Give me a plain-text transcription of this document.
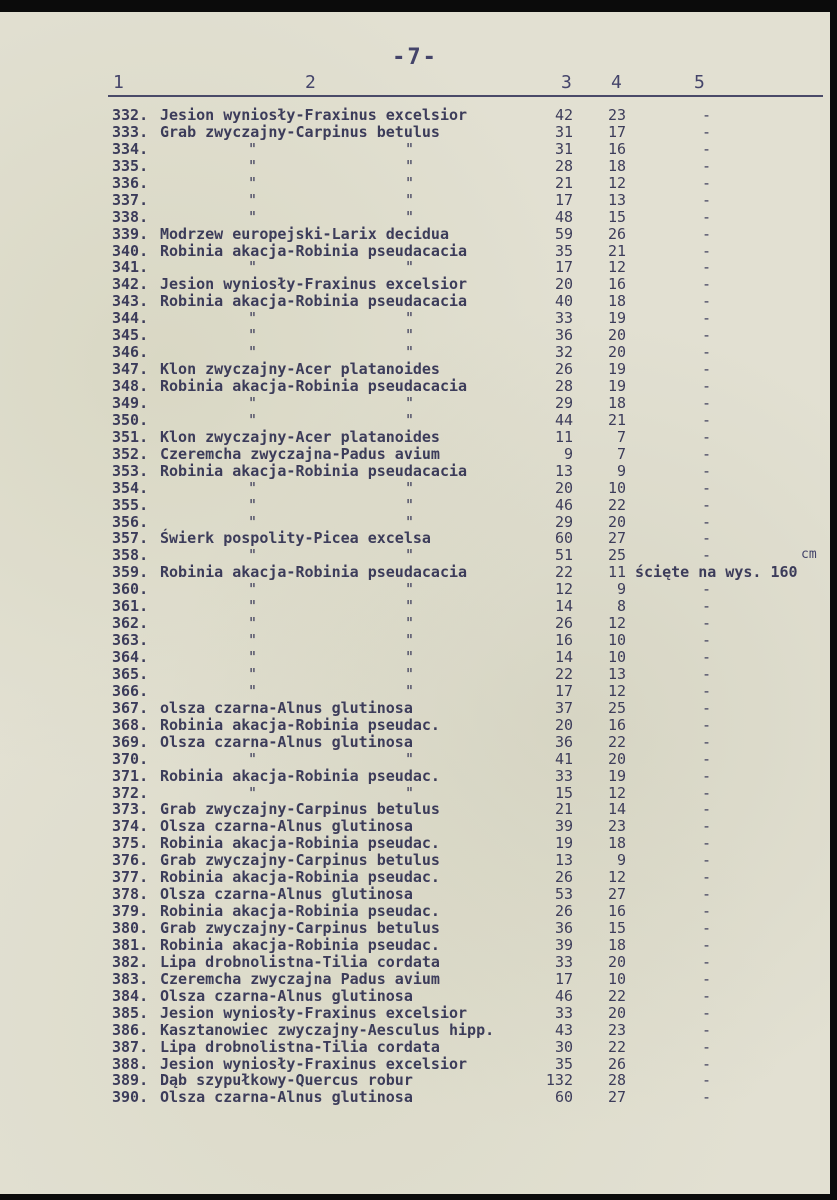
-7-
1	2	3 4	5
cm
332. Jesion wyniosły-Fraxinus excelsior	42	23	-
333. Grab zwyczajny-Carpinus betulus	31	17	-
334.	"	"	31	16	-
335.	"	"	28	18	-
336.	"	"	21	12	-
337.	"	"	17	13	-
338.	"	"	48	15	-
339. Modrzew europejski-Larix decidua	59	26	-
340. Robinia akacja-Robinia pseudacacia	35	21	-
341.	"	"	17	12	-
342. Jesion wyniosły-Fraxinus excelsior	20	16	-
343. Robinia akacja-Robinia pseudacacia	40	18	-
344.	"	"	33	19	-
345.	"	"	36	20	-
346.	"	"	32	20	-
347. Klon zwyczajny-Acer platanoides	26	19	-
348. Robinia akacja-Robinia pseudacacia	28	19	-
349.	"	"	29	18	-
350.	"	"	44	21	-
351. Klon zwyczajny-Acer platanoides	11	7	-
352. Czeremcha zwyczajna-Padus avium	9	7	-
353. Robinia akacja-Robinia pseudacacia	13	9	-
354.	"	"	20	10	-
355.	"	"	46	22	-
356.	"	"	29	20	-
357. Świerk pospolity-Picea excelsa	60	27	-
358.	"	"	51	25	-
359. Robinia akacja-Robinia pseudacacia	22	11 ścięte na wys. 160
360.	"	"	12	9	-
361.	"	"	14	8	-
362.	"	"	26	12	-
363.	"	"	16	10	-
364.	"	"	14	10	-
365.	"	"	22	13	-
366.	"	"	17	12	-
367. olsza czarna-Alnus glutinosa	37	25	-
368. Robinia akacja-Robinia pseudac.	20	16	-
369. Olsza czarna-Alnus glutinosa	36	22	-
370.	"	"	41	20	-
371. Robinia akacja-Robinia pseudac.	33	19	-
372.	"	"	15	12	-
373. Grab zwyczajny-Carpinus betulus	21	14	-
374. Olsza czarna-Alnus glutinosa	39	23	-
375. Robinia akacja-Robinia pseudac.	19	18	-
376. Grab zwyczajny-Carpinus betulus	13	9	-
377. Robinia akacja-Robinia pseudac.	26	12	-
378. Olsza czarna-Alnus glutinosa	53	27	-
379. Robinia akacja-Robinia pseudac.	26	16	-
380. Grab zwyczajny-Carpinus betulus	36	15	-
381. Robinia akacja-Robinia pseudac.	39	18	-
382. Lipa drobnolistna-Tilia cordata	33	20	-
383. Czeremcha zwyczajna Padus avium	17	10	-
384. Olsza czarna-Alnus glutinosa	46	22	-
385. Jesion wyniosły-Fraxinus excelsior	33	20	-
386. Kasztanowiec zwyczajny-Aesculus hipp.	43	23	-
387. Lipa drobnolistna-Tilia cordata	30	22	-
388. Jesion wyniosły-Fraxinus excelsior	35	26	-
389. Dąb szypułkowy-Quercus robur	132	28	-
390. Olsza czarna-Alnus glutinosa	60	27	-
